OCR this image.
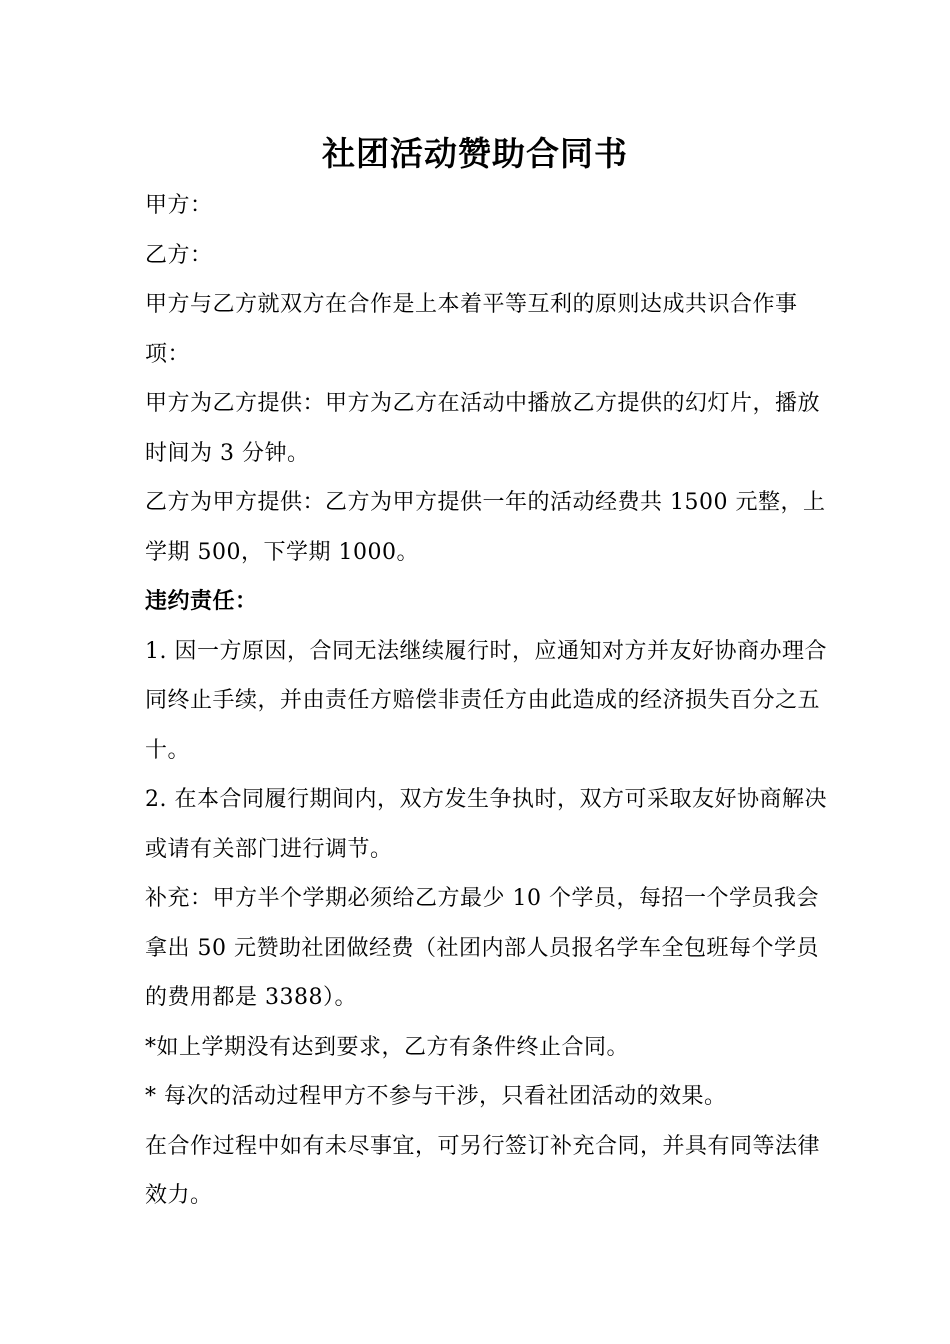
社团活动赞助合同书

甲方：

乙方：

甲方与乙方就双方在合作是上本着平等互利的原则达成共识合作事项：

甲方为乙方提供：甲方为乙方在活动中播放乙方提供的幻灯片，播放时间为 3 分钟。

乙方为甲方提供：乙方为甲方提供一年的活动经费共 1500 元整，上学期 500，下学期 1000。

违约责任：

1. 因一方原因，合同无法继续履行时，应通知对方并友好协商办理合同终止手续，并由责任方赔偿非责任方由此造成的经济损失百分之五十。

2. 在本合同履行期间内，双方发生争执时，双方可采取友好协商解决或请有关部门进行调节。

补充：甲方半个学期必须给乙方最少 10 个学员，每招一个学员我会拿出 50 元赞助社团做经费（社团内部人员报名学车全包班每个学员的费用都是 3388）。

*如上学期没有达到要求，乙方有条件终止合同。

* 每次的活动过程甲方不参与干涉，只看社团活动的效果。

在合作过程中如有未尽事宜，可另行签订补充合同，并具有同等法律效力。
